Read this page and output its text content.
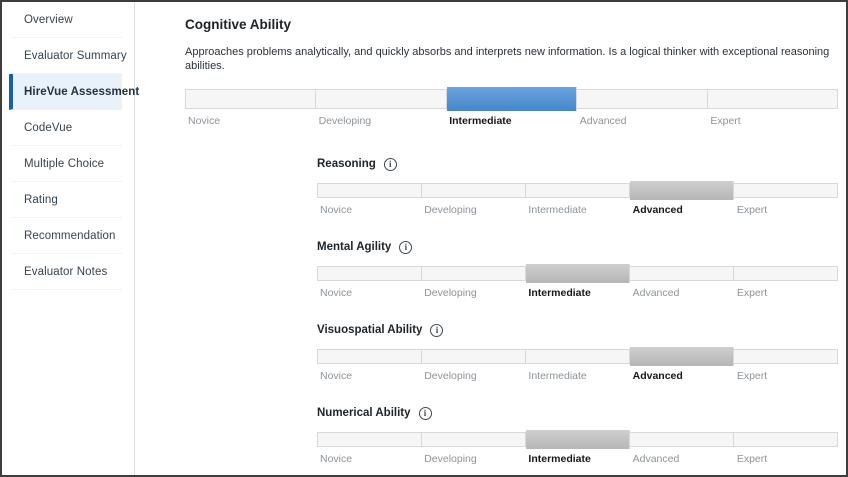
Overview
Evaluator Summary
HireVue Assessment
CodeVue
Multiple Choice
Rating
Recommendation
Evaluator Notes
Cognitive Ability

Approaches problems analytically, and quickly absorbs and interprets new information. Is a logical thinker with exceptional reasoning abilities.

Novice	Developing	Intermediate	Advanced	Expert
Reasoning	i
Novice	Developing	Intermediate	Advanced	Expert
Mental Agility	i
Novice	Developing	Intermediate	Advanced	Expert
Visuospatial Ability	i
Novice	Developing	Intermediate	Advanced	Expert
Numerical Ability	i
Novice	Developing	Intermediate	Advanced	Expert
